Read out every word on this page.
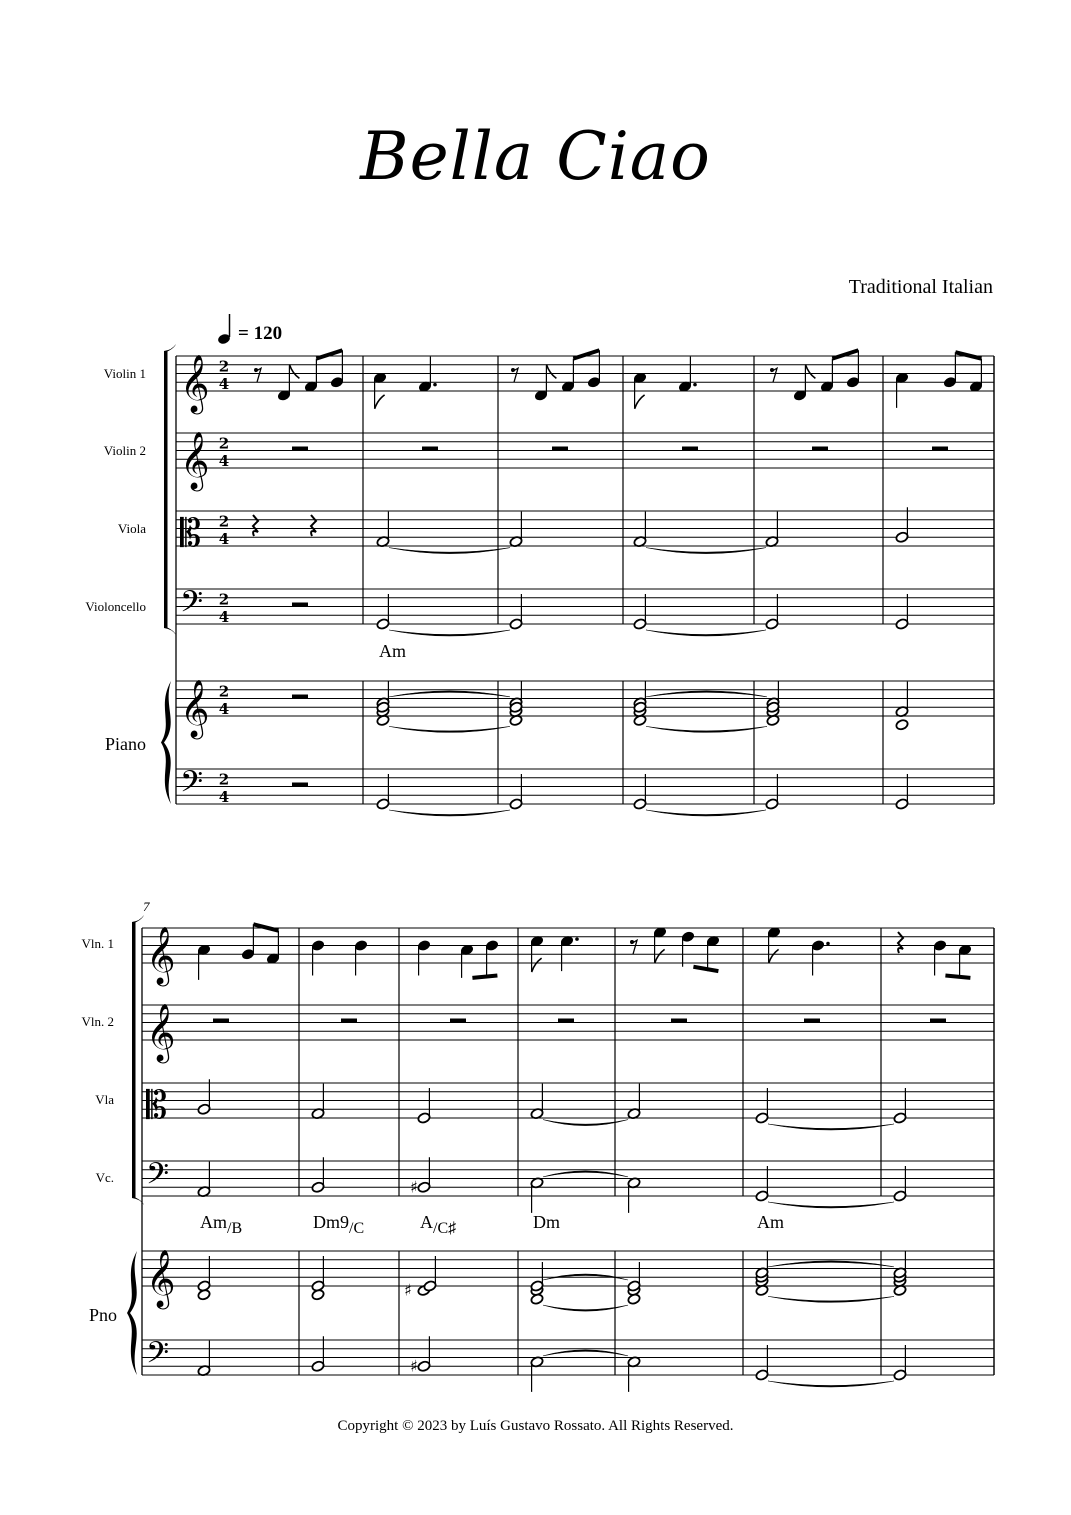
Bella Ciao
Traditional Italian
Copyright © 2023 by Luís Gustavo Rossato. All Rights Reserved.
= 120
Violin 1
Violin 2
Viola
Violoncello
Piano
𝄞 2
4
𝄞 2
4
𝄡 2
4
𝄢 2
4
𝄞 2
4
𝄢 2
4
Am
7
Vln. 1
Vln. 2
Vla
Vc.
Pno
𝄞
𝄞
𝄡
𝄢
𝄞
𝄢
♯
♯
♯
Am/B	Dm9/C	A/C♯	Dm	Am
